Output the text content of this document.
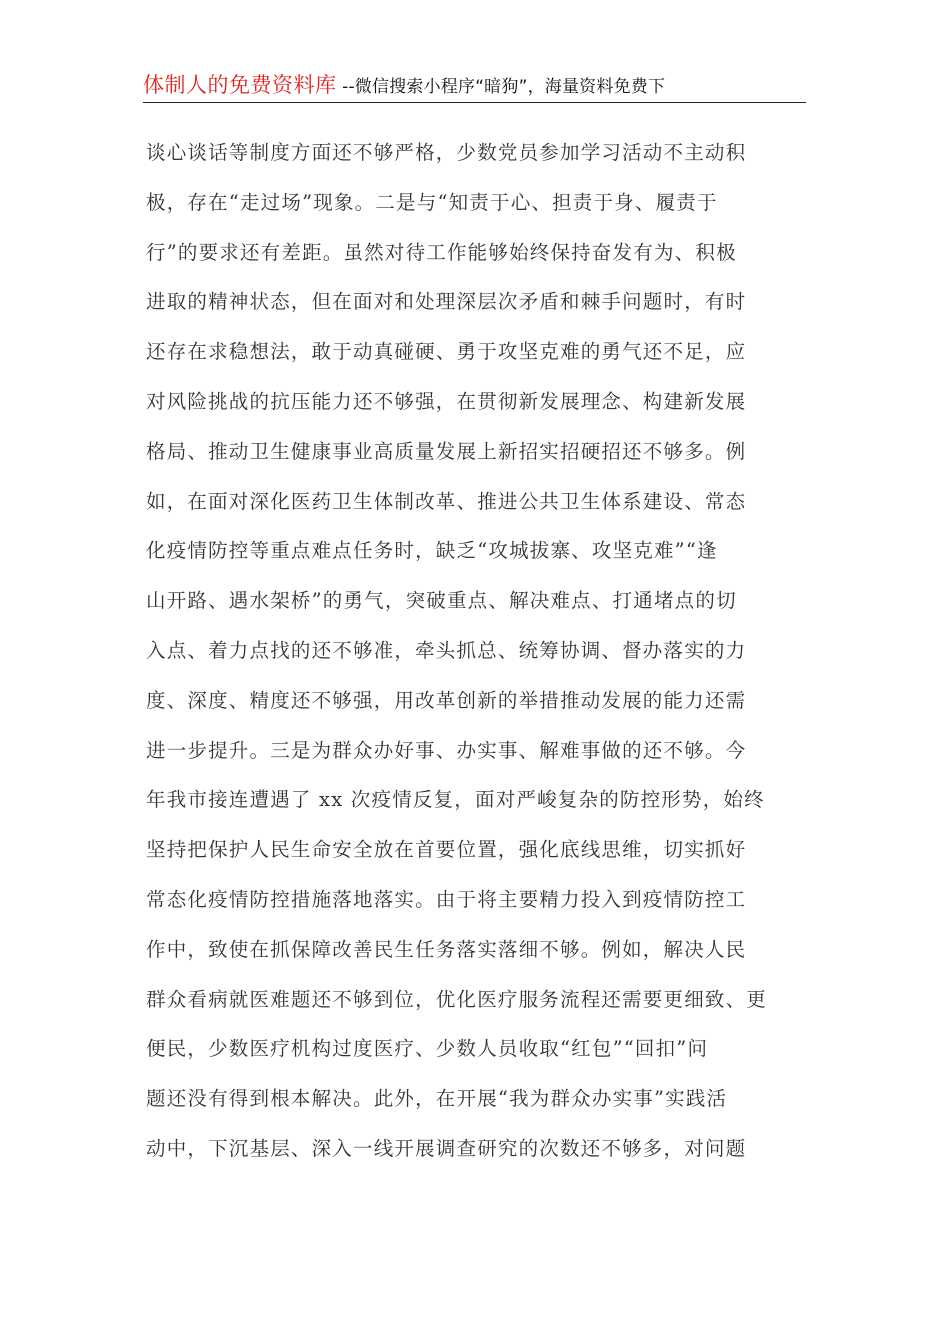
体制人的免费资料库 --微信搜索小程序“暗狗”，海量资料免费下
谈心谈话等制度方面还不够严格，少数党员参加学习活动不主动积
极，存在“走过场”现象。二是与“知责于心、担责于身、履责于
行”的要求还有差距。虽然对待工作能够始终保持奋发有为、积极
进取的精神状态，但在面对和处理深层次矛盾和棘手问题时，有时
还存在求稳想法，敢于动真碰硬、勇于攻坚克难的勇气还不足，应
对风险挑战的抗压能力还不够强，在贯彻新发展理念、构建新发展
格局、推动卫生健康事业高质量发展上新招实招硬招还不够多。例
如，在面对深化医药卫生体制改革、推进公共卫生体系建设、常态
化疫情防控等重点难点任务时，缺乏“攻城拔寨、攻坚克难”“逢
山开路、遇水架桥”的勇气，突破重点、解决难点、打通堵点的切
入点、着力点找的还不够准，牵头抓总、统筹协调、督办落实的力
度、深度、精度还不够强，用改革创新的举措推动发展的能力还需
进一步提升。三是为群众办好事、办实事、解难事做的还不够。今
年我市接连遭遇了 xx 次疫情反复，面对严峻复杂的防控形势，始终
坚持把保护人民生命安全放在首要位置，强化底线思维，切实抓好
常态化疫情防控措施落地落实。由于将主要精力投入到疫情防控工
作中，致使在抓保障改善民生任务落实落细不够。例如，解决人民
群众看病就医难题还不够到位，优化医疗服务流程还需要更细致、更
便民，少数医疗机构过度医疗、少数人员收取“红包”“回扣”问
题还没有得到根本解决。此外，在开展“我为群众办实事”实践活
动中，下沉基层、深入一线开展调查研究的次数还不够多，对问题
